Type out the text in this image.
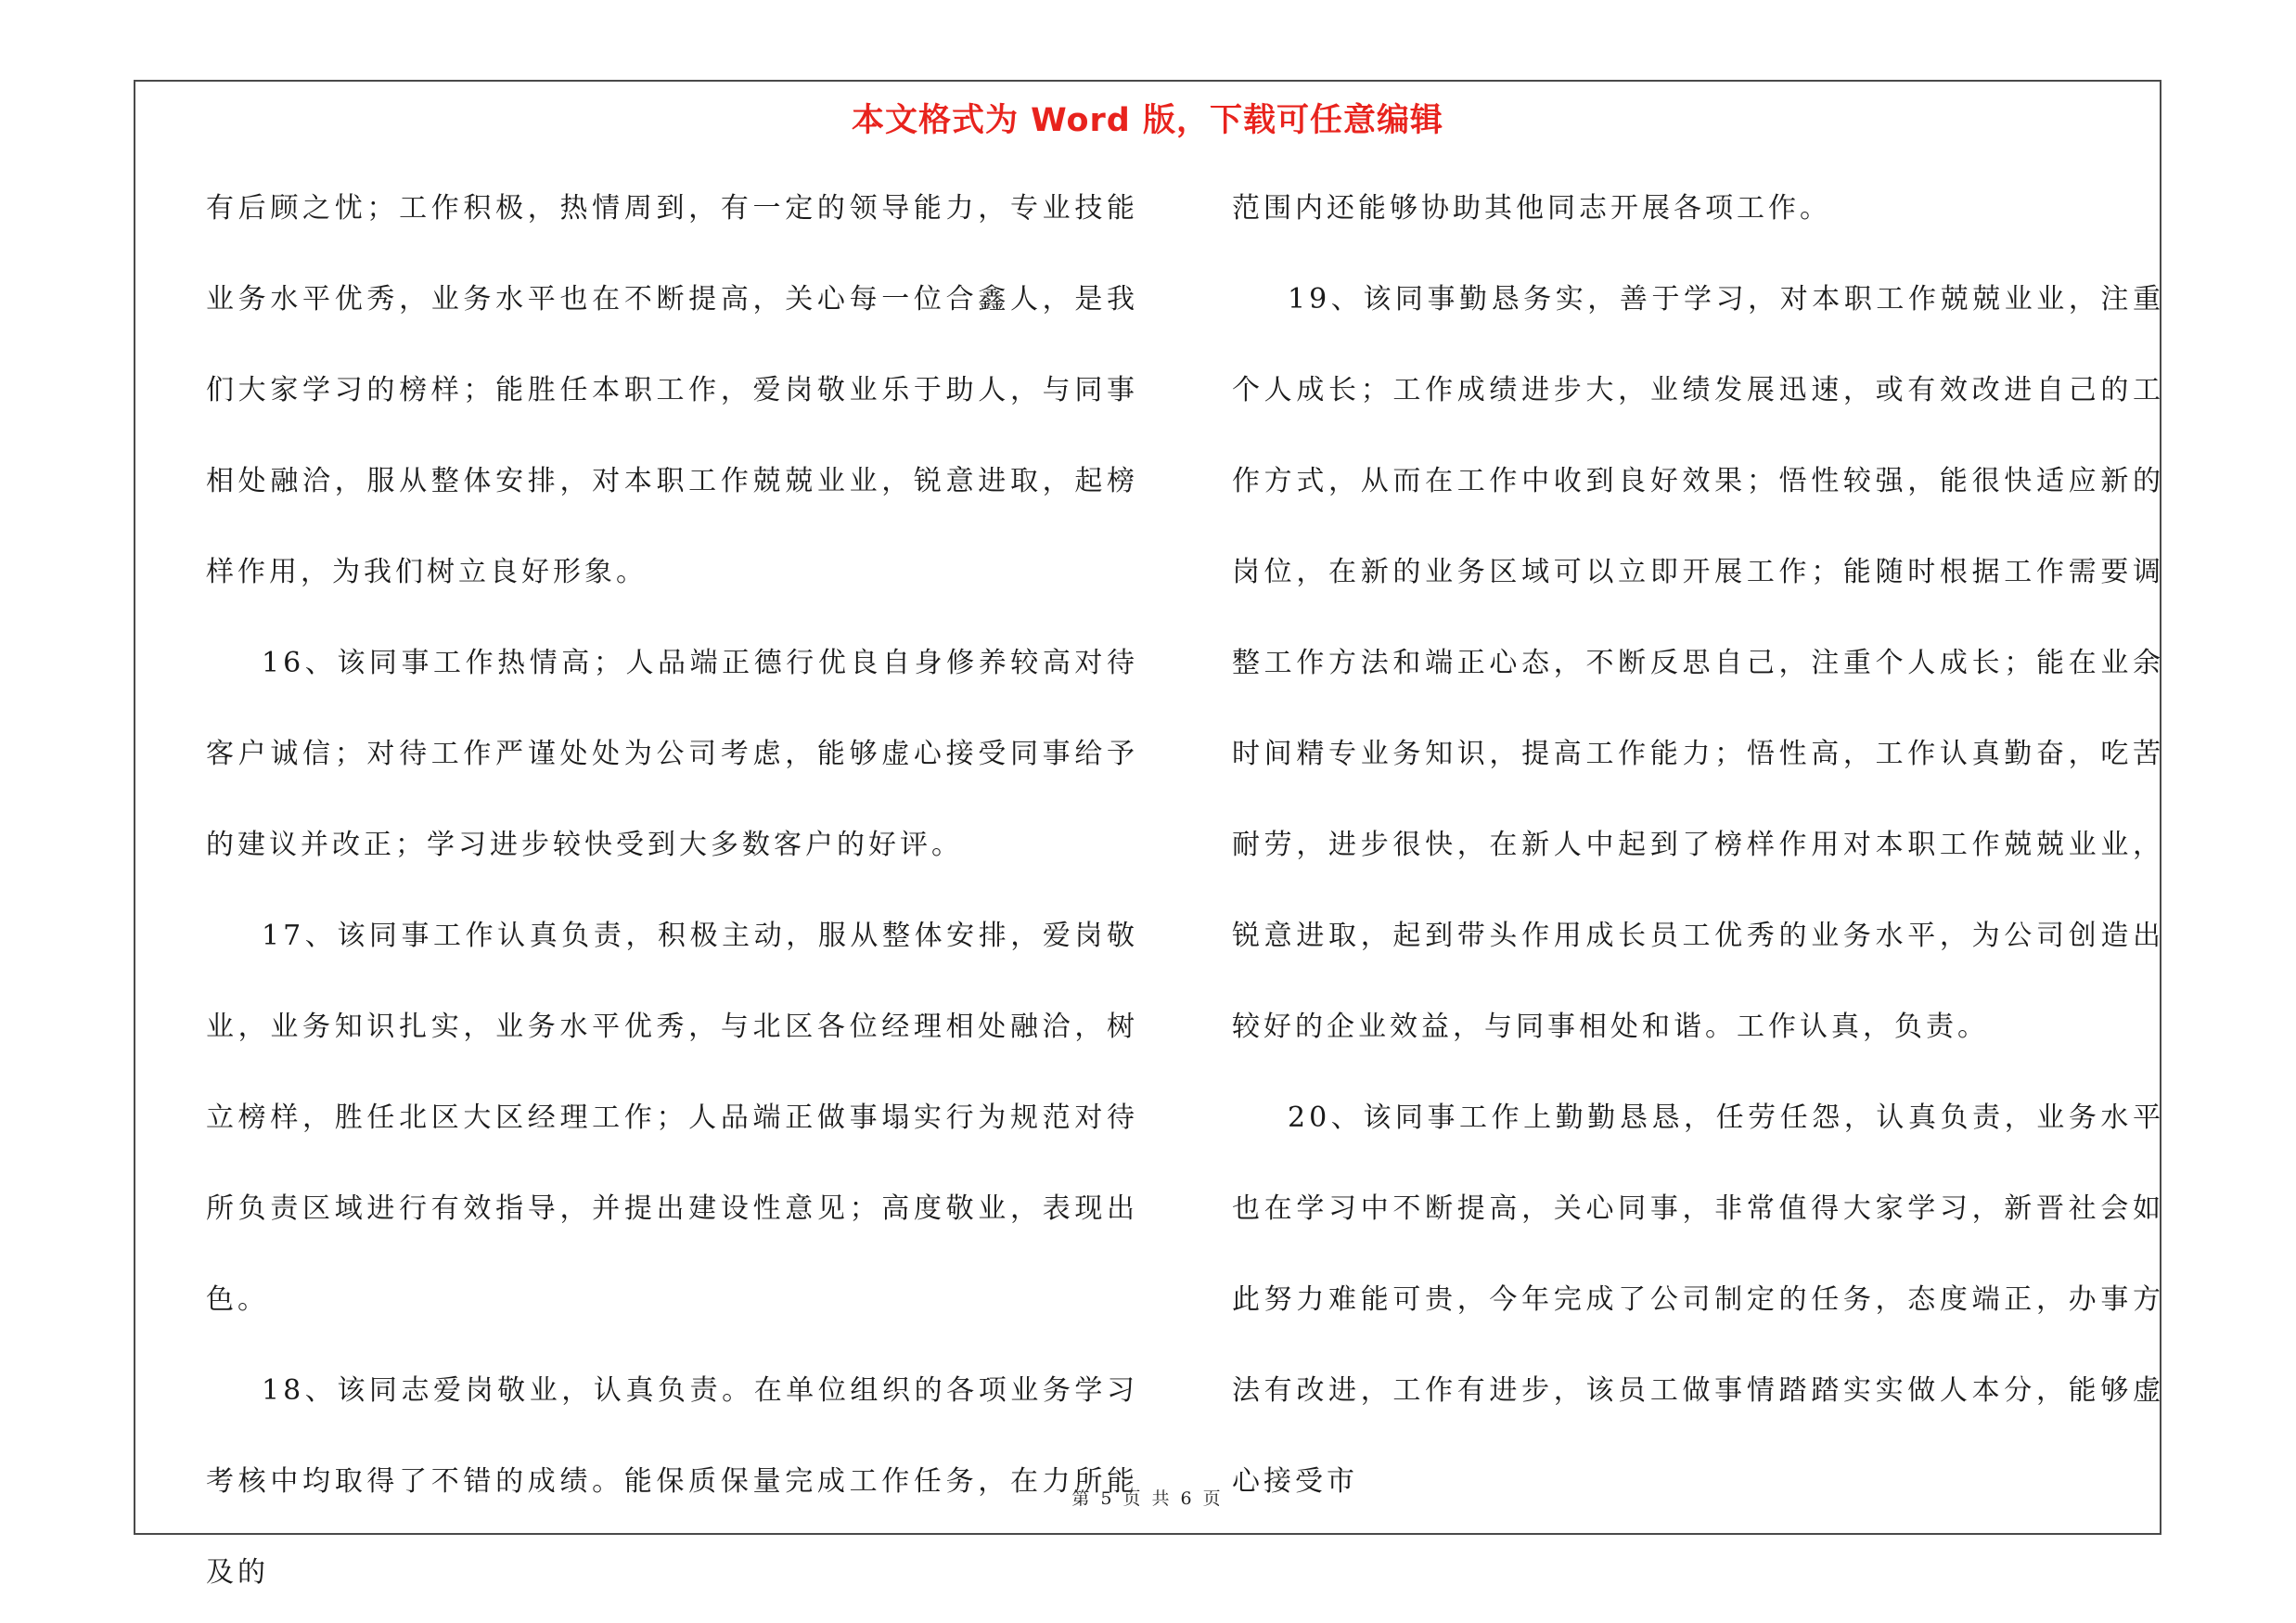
本文格式为 Word 版，下载可任意编辑

有后顾之忧；工作积极，热情周到，有一定的领导能力，专业技能业务水平优秀，业务水平也在不断提高，关心每一位合鑫人，是我们大家学习的榜样；能胜任本职工作，爱岗敬业乐于助人，与同事相处融洽，服从整体安排，对本职工作兢兢业业，锐意进取，起榜样作用，为我们树立良好形象。

16、该同事工作热情高；人品端正德行优良自身修养较高对待客户诚信；对待工作严谨处处为公司考虑，能够虚心接受同事给予的建议并改正；学习进步较快受到大多数客户的好评。

17、该同事工作认真负责，积极主动，服从整体安排，爱岗敬业，业务知识扎实，业务水平优秀，与北区各位经理相处融洽，树立榜样，胜任北区大区经理工作；人品端正做事塌实行为规范对待所负责区域进行有效指导，并提出建设性意见；高度敬业，表现出色。

18、该同志爱岗敬业，认真负责。在单位组织的各项业务学习考核中均取得了不错的成绩。能保质保量完成工作任务，在力所能及的

范围内还能够协助其他同志开展各项工作。

19、该同事勤恳务实，善于学习，对本职工作兢兢业业，注重个人成长；工作成绩进步大，业绩发展迅速，或有效改进自己的工作方式，从而在工作中收到良好效果；悟性较强，能很快适应新的岗位，在新的业务区域可以立即开展工作；能随时根据工作需要调整工作方法和端正心态，不断反思自己，注重个人成长；能在业余时间精专业务知识，提高工作能力；悟性高，工作认真勤奋，吃苦耐劳，进步很快，在新人中起到了榜样作用对本职工作兢兢业业，锐意进取，起到带头作用成长员工优秀的业务水平，为公司创造出较好的企业效益，与同事相处和谐。工作认真，负责。

20、该同事工作上勤勤恳恳，任劳任怨，认真负责，业务水平也在学习中不断提高，关心同事，非常值得大家学习，新晋社会如此努力难能可贵，今年完成了公司制定的任务，态度端正，办事方法有改进，工作有进步，该员工做事情踏踏实实做人本分，能够虚心接受市

第 5 页 共 6 页
